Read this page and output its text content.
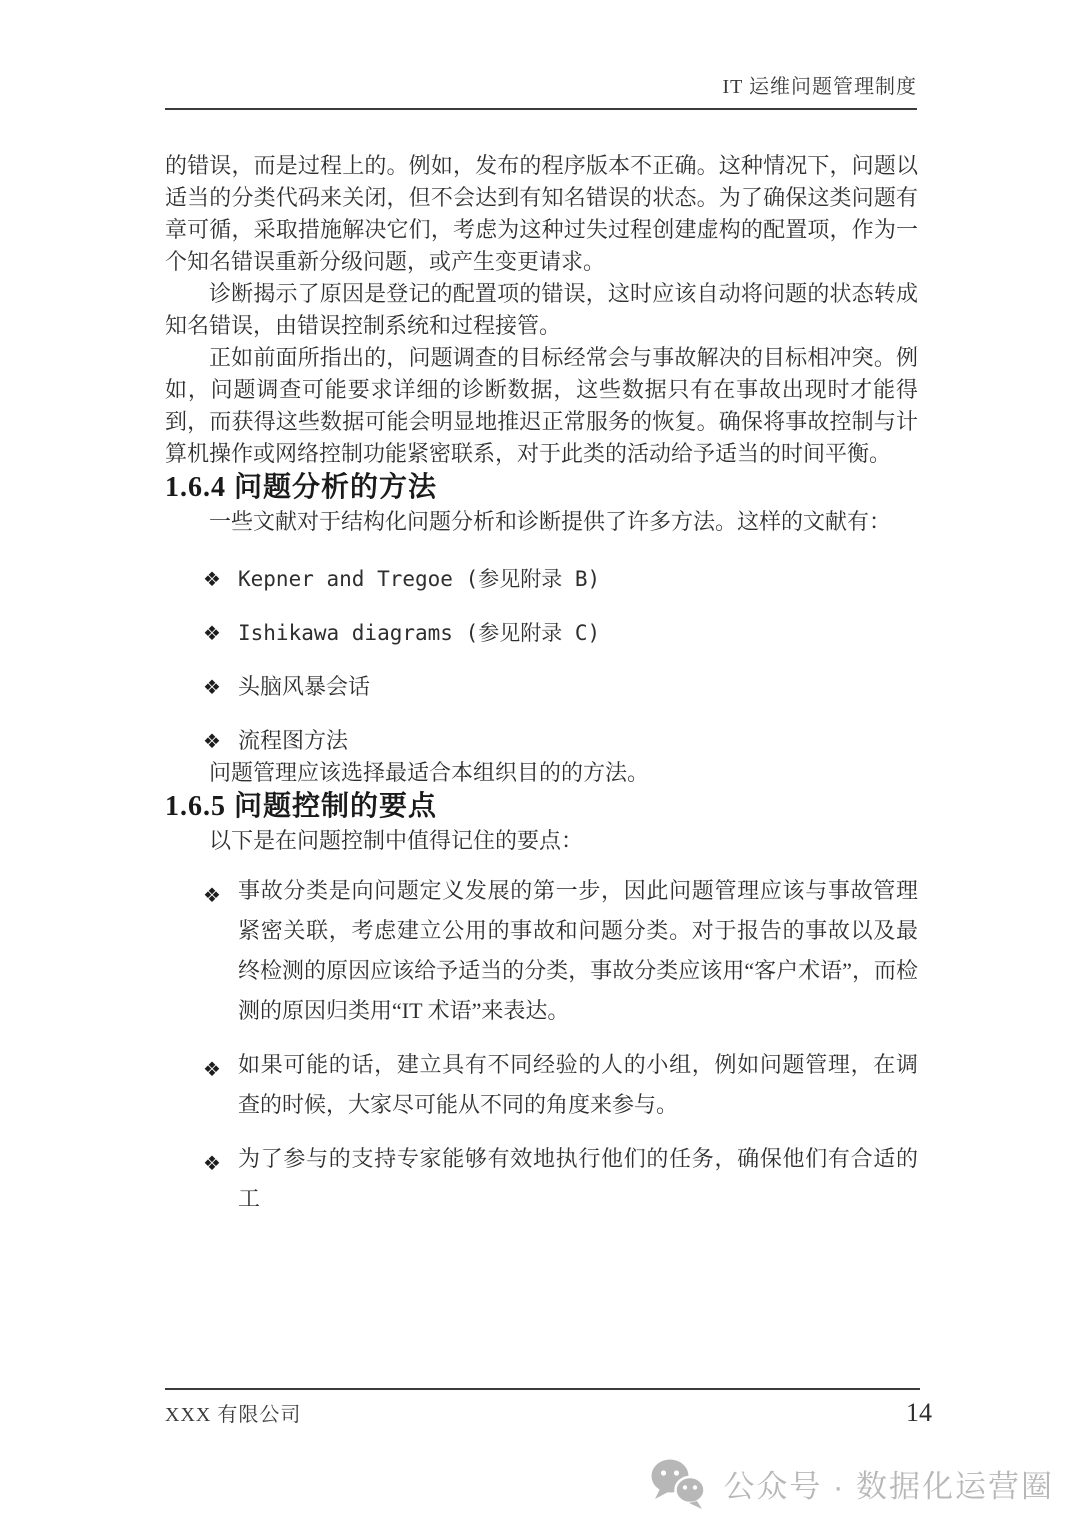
IT 运维问题管理制度

的错误，而是过程上的。例如，发布的程序版本不正确。这种情况下，问题以适当的分类代码来关闭，但不会达到有知名错误的状态。为了确保这类问题有章可循，采取措施解决它们，考虑为这种过失过程创建虚构的配置项，作为一个知名错误重新分级问题，或产生变更请求。

诊断揭示了原因是登记的配置项的错误，这时应该自动将问题的状态转成知名错误，由错误控制系统和过程接管。

正如前面所指出的，问题调查的目标经常会与事故解决的目标相冲突。例如，问题调查可能要求详细的诊断数据，这些数据只有在事故出现时才能得到，而获得这些数据可能会明显地推迟正常服务的恢复。确保将事故控制与计算机操作或网络控制功能紧密联系，对于此类的活动给予适当的时间平衡。

1.6.4 问题分析的方法

一些文献对于结构化问题分析和诊断提供了许多方法。这样的文献有：

❖ Kepner and Tregoe (参见附录 B)
❖ Ishikawa diagrams (参见附录 C)
❖ 头脑风暴会话
❖ 流程图方法

问题管理应该选择最适合本组织目的的方法。

1.6.5 问题控制的要点

以下是在问题控制中值得记住的要点：

❖ 事故分类是向问题定义发展的第一步，因此问题管理应该与事故管理紧密关联，考虑建立公用的事故和问题分类。对于报告的事故以及最终检测的原因应该给予适当的分类，事故分类应该用“客户术语”，而检测的原因归类用“IT 术语”来表达。
❖ 如果可能的话，建立具有不同经验的人的小组，例如问题管理，在调查的时候，大家尽可能从不同的角度来参与。
❖ 为了参与的支持专家能够有效地执行他们的任务，确保他们有合适的工
XXX 有限公司	14
公众号 · 数据化运营圈
